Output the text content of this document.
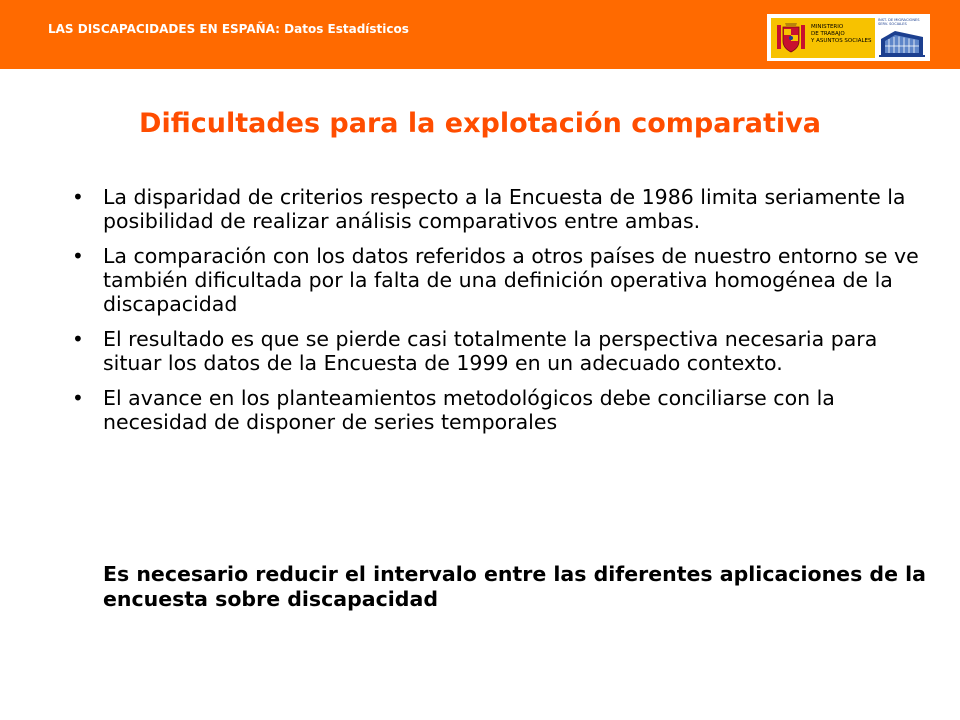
LAS DISCAPACIDADES EN ESPAÑA: Datos Estadísticos	MINISTERIO
DE TRABAJO
Y ASUNTOS SOCIALES
INST. DE MIGRACIONES
SERV. SOCIALES
Dificultades para la explotación comparativa
• La disparidad de criterios respecto a la Encuesta de 1986 limita seriamente la posibilidad de realizar análisis comparativos entre ambas.
• La comparación con los datos referidos a otros países de nuestro entorno se ve también dificultada por la falta de una definición operativa homogénea de la discapacidad
• El resultado es que se pierde casi totalmente la perspectiva necesaria para situar los datos de la Encuesta de 1999 en un adecuado contexto.
• El avance en los planteamientos metodológicos debe conciliarse con la necesidad de disponer de series temporales
Es necesario reducir el intervalo entre las diferentes aplicaciones de la encuesta sobre discapacidad
